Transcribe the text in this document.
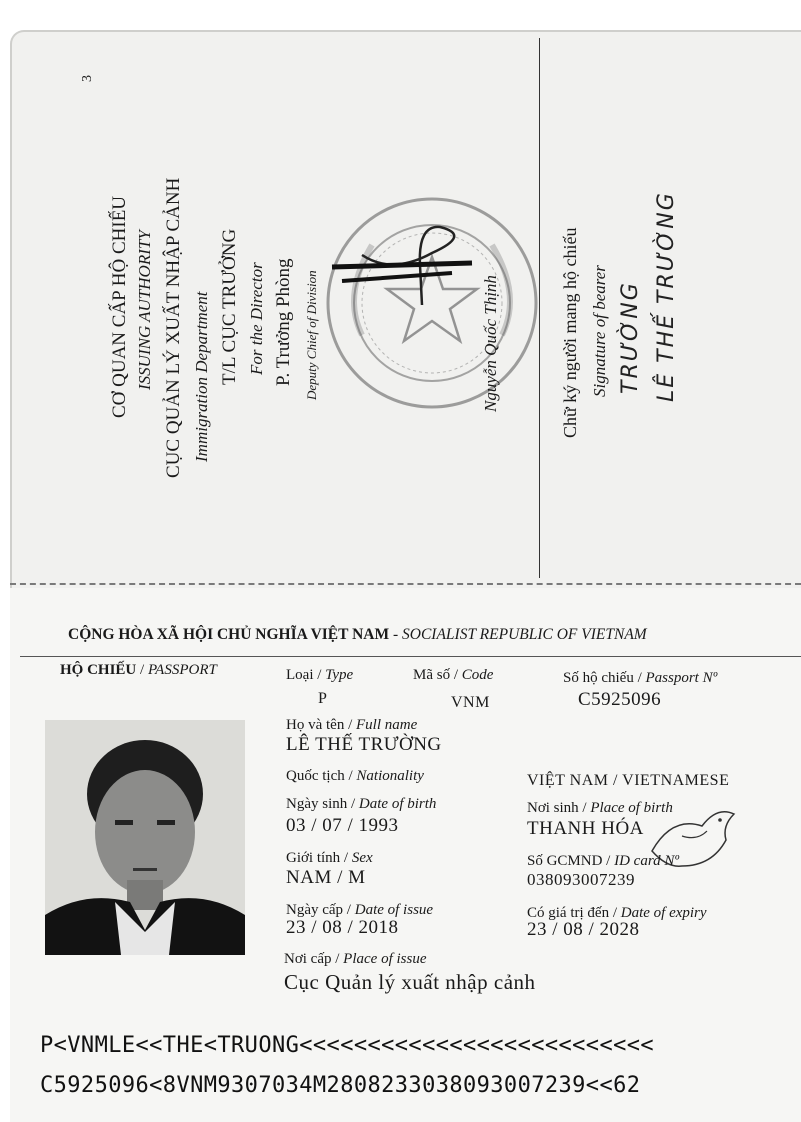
3
CƠ QUAN CẤP HỘ CHIẾU ISSUING AUTHORITY CỤC QUẢN LÝ XUẤT NHẬP CẢNH Immigration Department T/L CỤC TRƯỞNG For the Director P. Trưởng Phòng Deputy Chief of Division	Nguyễn Quốc Thịnh	Chữ ký người mang hộ chiếu Signature of bearer TRƯỜNG LÊ THẾ TRƯỜNG
CỘNG HÒA XÃ HỘI CHỦ NGHĨA VIỆT NAM - SOCIALIST REPUBLIC OF VIETNAM
HỘ CHIẾU / PASSPORT	Loại / Type
P
Mã số / Code
VNM
Số hộ chiếu / Passport Nº
C5925096
Họ và tên / Full name
LÊ THẾ TRƯỜNG
Quốc tịch / Nationality	VIỆT NAM / VIETNAMESE
Ngày sinh / Date of birth
03 / 07 / 1993
Nơi sinh / Place of birth
THANH HÓA
Giới tính / Sex
NAM / M
Số GCMND / ID card Nº
038093007239
Ngày cấp / Date of issue
23 / 08 / 2018
Có giá trị đến / Date of expiry
23 / 08 / 2028
Nơi cấp / Place of issue
Cục Quản lý xuất nhập cảnh
P<VNMLE<<THE<TRUONG<<<<<<<<<<<<<<<<<<<<<<<<<<
C5925096<8VNM9307034M2808233038093007239<<62
